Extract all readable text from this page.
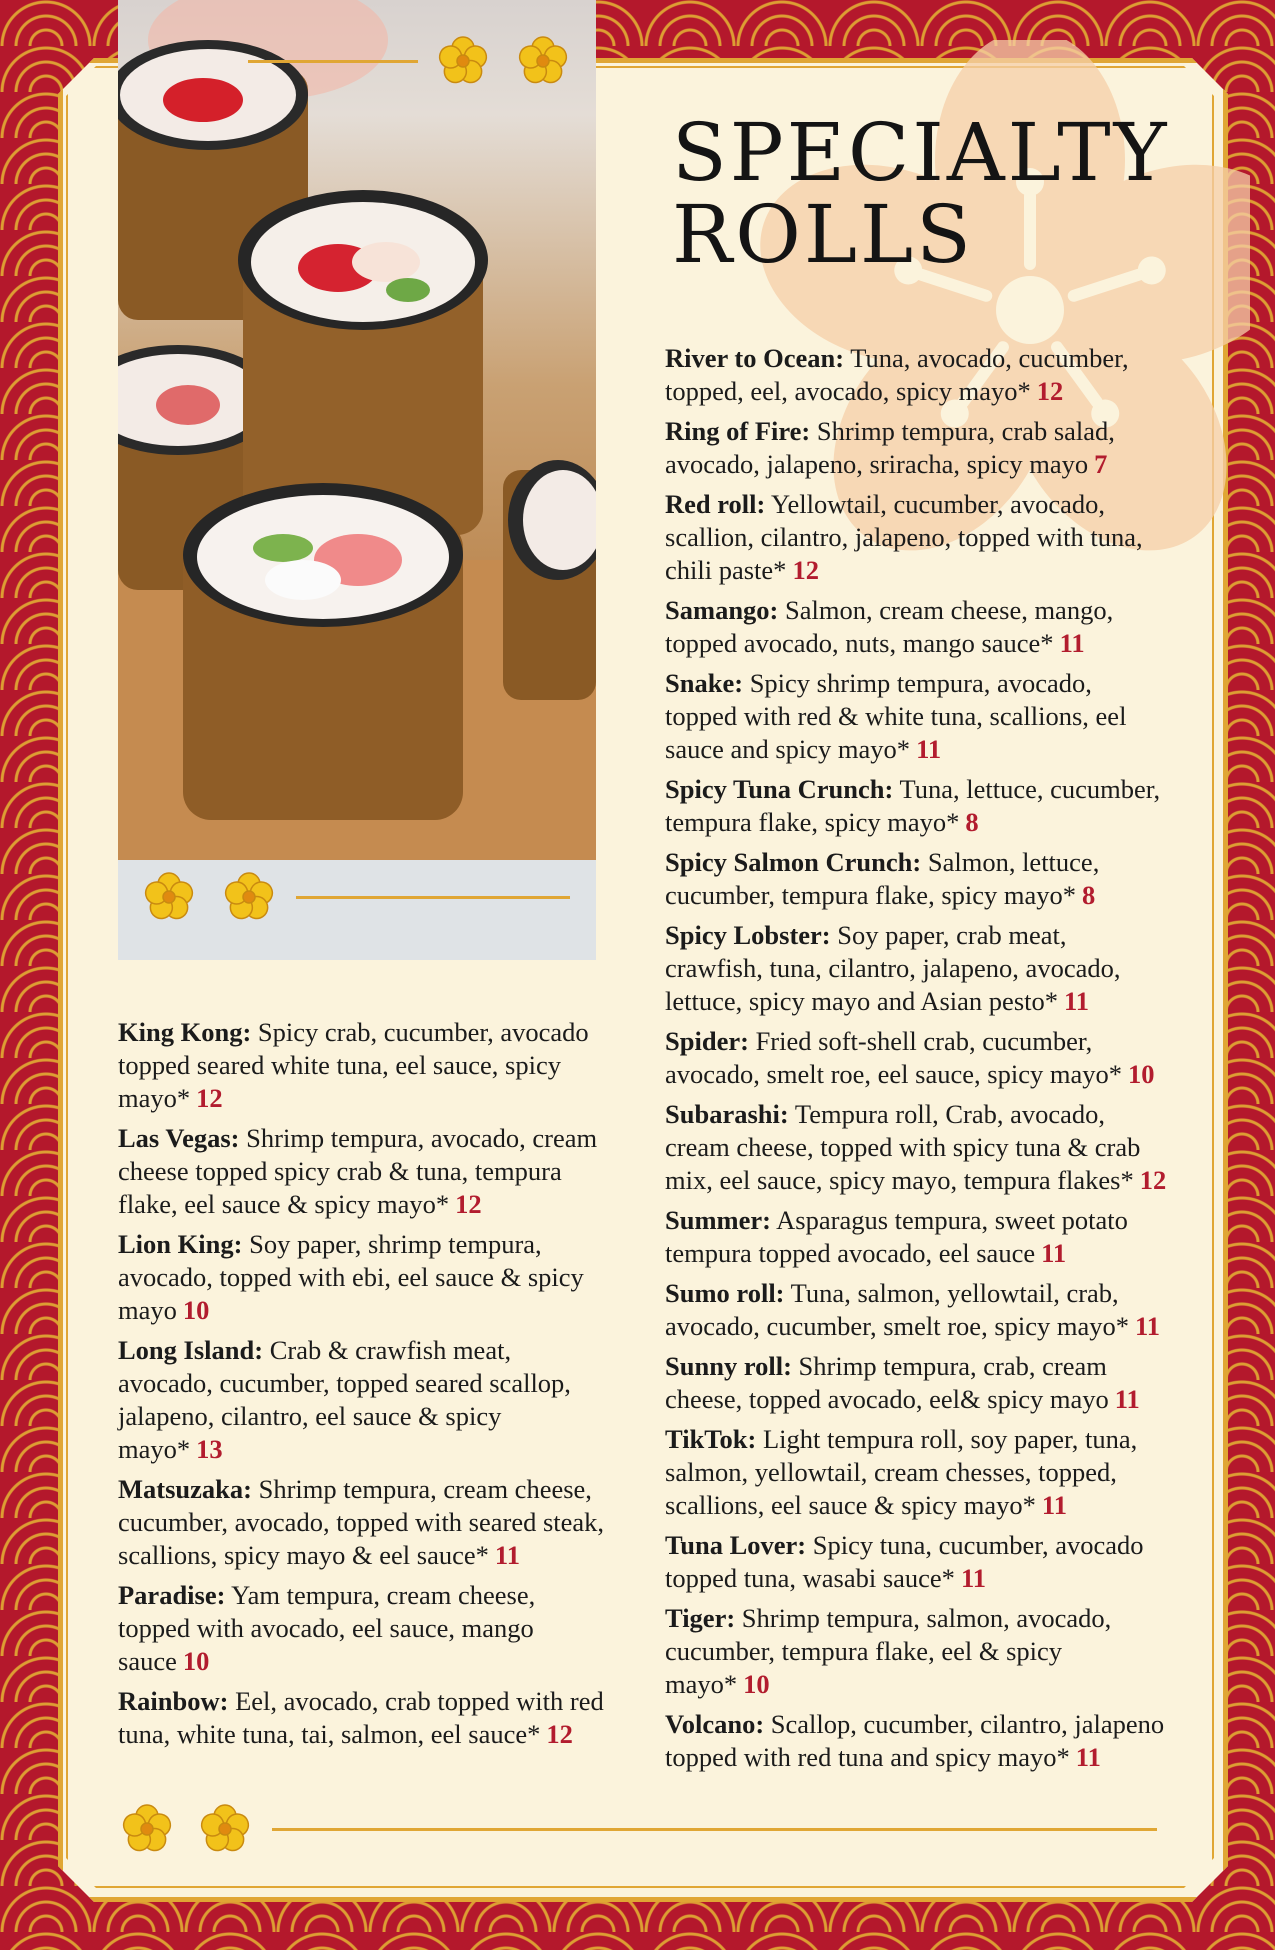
SPECIALTY
ROLLS

King Kong: Spicy crab, cucumber, avocado topped seared white tuna, eel sauce, spicy mayo* 12

Las Vegas: Shrimp tempura, avocado, cream cheese topped spicy crab & tuna, tempura flake, eel sauce & spicy mayo* 12

Lion King: Soy paper, shrimp tempura, avocado, topped with ebi, eel sauce & spicy mayo 10

Long Island: Crab & crawfish meat, avocado, cucumber, topped seared scallop, jalapeno, cilantro, eel sauce & spicy mayo* 13

Matsuzaka: Shrimp tempura, cream cheese, cucumber, avocado, topped with seared steak, scallions, spicy mayo & eel sauce* 11

Paradise: Yam tempura, cream cheese, topped with avocado, eel sauce, mango sauce 10

Rainbow: Eel, avocado, crab topped with red tuna, white tuna, tai, salmon, eel sauce* 12

River to Ocean: Tuna, avocado, cucumber, topped, eel, avocado, spicy mayo* 12

Ring of Fire: Shrimp tempura, crab salad, avocado, jalapeno, sriracha, spicy mayo 7

Red roll: Yellowtail, cucumber, avocado, scallion, cilantro, jalapeno, topped with tuna, chili paste* 12

Samango: Salmon, cream cheese, mango, topped avocado, nuts, mango sauce* 11

Snake: Spicy shrimp tempura, avocado, topped with red & white tuna, scallions, eel sauce and spicy mayo* 11

Spicy Tuna Crunch: Tuna, lettuce, cucumber, tempura flake, spicy mayo* 8

Spicy Salmon Crunch: Salmon, lettuce, cucumber, tempura flake, spicy mayo* 8

Spicy Lobster: Soy paper, crab meat, crawfish, tuna, cilantro, jalapeno, avocado, lettuce, spicy mayo and Asian pesto* 11

Spider: Fried soft-shell crab, cucumber, avocado, smelt roe, eel sauce, spicy mayo* 10

Subarashi: Tempura roll, Crab, avocado, cream cheese, topped with spicy tuna & crab mix, eel sauce, spicy mayo, tempura flakes* 12

Summer: Asparagus tempura, sweet potato tempura topped avocado, eel sauce 11

Sumo roll: Tuna, salmon, yellowtail, crab, avocado, cucumber, smelt roe, spicy mayo* 11

Sunny roll: Shrimp tempura, crab, cream cheese, topped avocado, eel& spicy mayo 11

TikTok: Light tempura roll, soy paper, tuna, salmon, yellowtail, cream chesses, topped, scallions, eel sauce & spicy mayo* 11

Tuna Lover: Spicy tuna, cucumber, avocado topped tuna, wasabi sauce* 11

Tiger: Shrimp tempura, salmon, avocado, cucumber, tempura flake, eel & spicy mayo* 10

Volcano: Scallop, cucumber, cilantro, jalapeno topped with red tuna and spicy mayo* 11
